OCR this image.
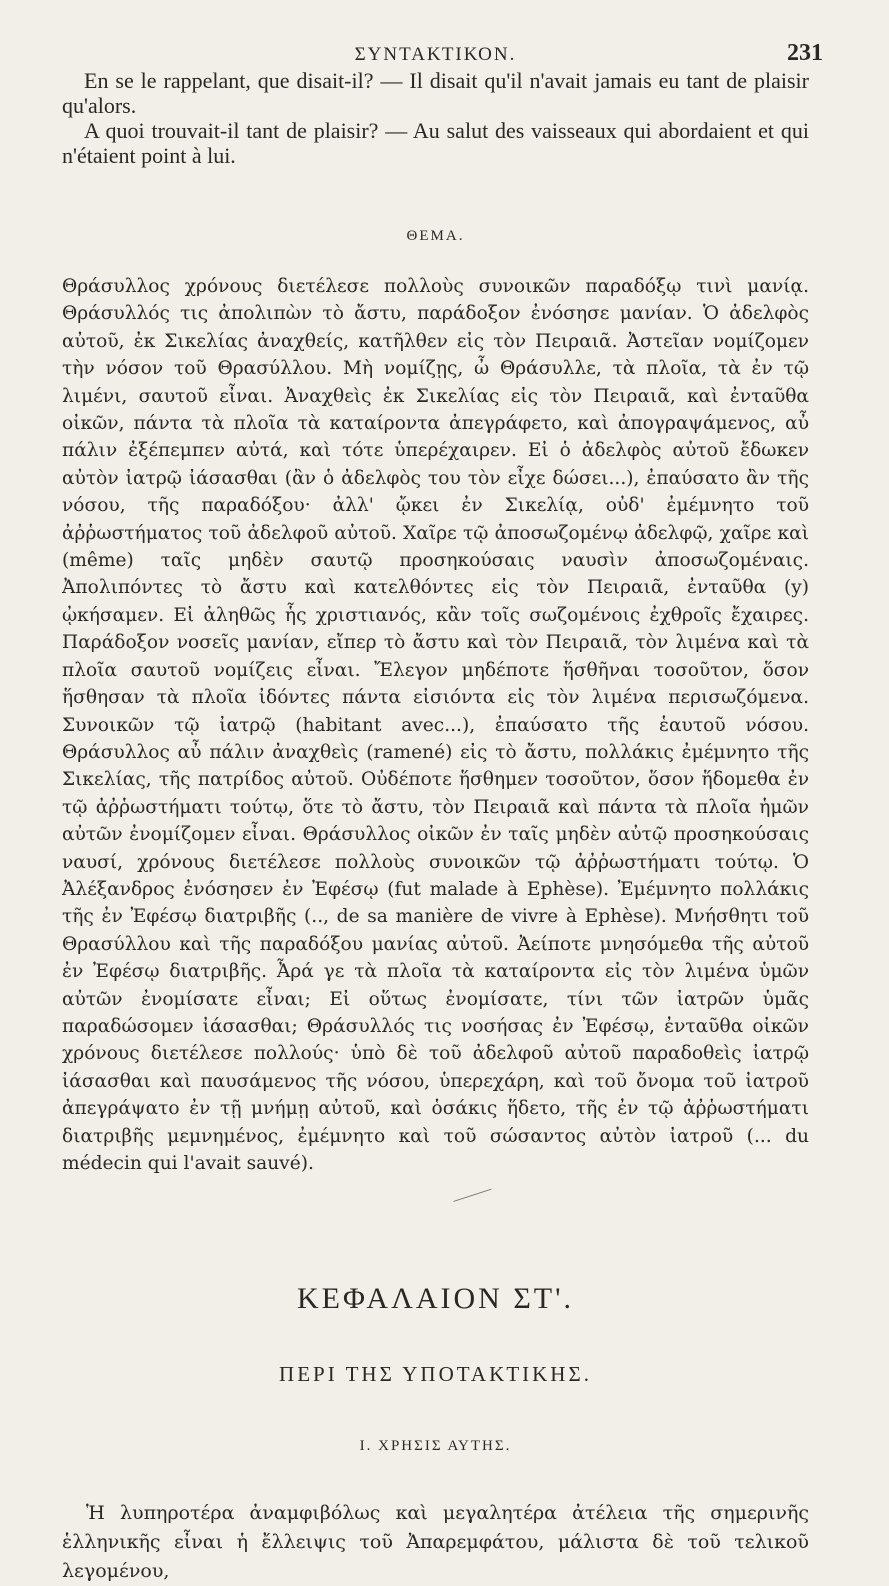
ΣΥΝΤΑΚΤΙΚΟΝ.	231

En se le rappelant, que disait-il? — Il disait qu'il n'avait jamais eu tant de plaisir qu'alors.

A quoi trouvait-il tant de plaisir? — Au salut des vaisseaux qui abordaient et qui n'étaient point à lui.

ΘΕΜΑ.

Θράσυλλος χρόνους διετέλεσε πολλοὺς συνοικῶν παραδόξῳ τινὶ μανίᾳ. Θράσυλλός τις ἀπολιπὼν τὸ ἄστυ, παράδοξον ἐνόσησε μανίαν. Ὁ ἀδελφὸς αὐτοῦ, ἐκ Σικελίας ἀναχθείς, κατῆλθεν εἰς τὸν Πειραιᾶ. Ἀστεῖαν νομίζομεν τὴν νόσον τοῦ Θρασύλλου. Μὴ νομίζῃς, ὦ Θράσυλλε, τὰ πλοῖα, τὰ ἐν τῷ λιμένι, σαυτοῦ εἶναι. Ἀναχθεὶς ἐκ Σικελίας εἰς τὸν Πειραιᾶ, καὶ ἐνταῦθα οἰκῶν, πάντα τὰ πλοῖα τὰ καταίροντα ἀπεγράφετο, καὶ ἀπογραψάμενος, αὖ πάλιν ἐξέπεμπεν αὐτά, καὶ τότε ὑπερέχαιρεν. Εἰ ὁ ἀδελφὸς αὐτοῦ ἔδωκεν αὐτὸν ἰατρῷ ἰάσασθαι (ἂν ὁ ἀδελφὸς του τὸν εἶχε δώσει...), ἐπαύσατο ἂν τῆς νόσου, τῆς παραδόξου· ἀλλ' ᾤκει ἐν Σικελίᾳ, οὐδ' ἐμέμνητο τοῦ ἀῤῥωστήματος τοῦ ἀδελφοῦ αὐτοῦ. Χαῖρε τῷ ἀποσωζομένῳ ἀδελφῷ, χαῖρε καὶ (même) ταῖς μηδὲν σαυτῷ προσηκούσαις ναυσὶν ἀποσωζομέναις. Ἀπολιπόντες τὸ ἄστυ καὶ κατελθόντες εἰς τὸν Πειραιᾶ, ἐνταῦθα (y) ᾠκήσαμεν. Εἰ ἀληθῶς ἧς χριστιανός, κἂν τοῖς σωζομένοις ἐχθροῖς ἔχαιρες. Παράδοξον νοσεῖς μανίαν, εἴπερ τὸ ἄστυ καὶ τὸν Πειραιᾶ, τὸν λιμένα καὶ τὰ πλοῖα σαυτοῦ νομίζεις εἶναι. Ἔλεγον μηδέποτε ἥσθῆναι τοσοῦτον, ὅσον ἥσθησαν τὰ πλοῖα ἰδόντες πάντα εἰσιόντα εἰς τὸν λιμένα περισωζόμενα. Συνοικῶν τῷ ἰατρῷ (habitant avec...), ἐπαύσατο τῆς ἑαυτοῦ νόσου. Θράσυλλος αὖ πάλιν ἀναχθεὶς (ramené) εἰς τὸ ἄστυ, πολλάκις ἐμέμνητο τῆς Σικελίας, τῆς πατρίδος αὐτοῦ. Οὐδέποτε ἥσθημεν τοσοῦτον, ὅσον ἥδομεθα ἐν τῷ ἀῤῥωστήματι τούτῳ, ὅτε τὸ ἄστυ, τὸν Πειραιᾶ καὶ πάντα τὰ πλοῖα ἡμῶν αὐτῶν ἐνομίζομεν εἶναι. Θράσυλλος οἰκῶν ἐν ταῖς μηδὲν αὐτῷ προσηκούσαις ναυσί, χρόνους διετέλεσε πολλοὺς συνοικῶν τῷ ἀῤῥωστήματι τούτῳ. Ὁ Ἀλέξανδρος ἐνόσησεν ἐν Ἐφέσῳ (fut malade à Ephèse). Ἐμέμνητο πολλάκις τῆς ἐν Ἐφέσῳ διατριβῆς (.., de sa manière de vivre à Ephèse). Μνήσθητι τοῦ Θρασύλλου καὶ τῆς παραδόξου μανίας αὐτοῦ. Ἀείποτε μνησόμεθα τῆς αὐτοῦ ἐν Ἐφέσῳ διατριβῆς. Ἆρά γε τὰ πλοῖα τὰ καταίροντα εἰς τὸν λιμένα ὑμῶν αὐτῶν ἐνομίσατε εἶναι; Εἰ οὕτως ἐνομίσατε, τίνι τῶν ἰατρῶν ὑμᾶς παραδώσομεν ἰάσασθαι; Θράσυλλός τις νοσήσας ἐν Ἐφέσῳ, ἐνταῦθα οἰκῶν χρόνους διετέλεσε πολλούς· ὑπὸ δὲ τοῦ ἀδελφοῦ αὐτοῦ παραδοθεὶς ἰατρῷ ἰάσασθαι καὶ παυσάμενος τῆς νόσου, ὑπερεχάρη, καὶ τοῦ ὄνομα τοῦ ἰατροῦ ἀπεγράψατο ἐν τῇ μνήμῃ αὐτοῦ, καὶ ὁσάκις ἥδετο, τῆς ἐν τῷ ἀῤῥωστήματι διατριβῆς μεμνημένος, ἐμέμνητο καὶ τοῦ σώσαντος αὐτὸν ἰατροῦ (... du médecin qui l'avait sauvé).

ΚΕΦΑΛΑΙΟΝ ΣΤ'.
ΠΕΡΙ ΤΗΣ ΥΠΟΤΑΚΤΙΚΗΣ.
I. ΧΡΗΣΙΣ ΑΥΤΗΣ.

Ἡ λυπηροτέρα ἀναμφιβόλως καὶ μεγαλητέρα ἀτέλεια τῆς σημερινῆς ἑλληνικῆς εἶναι ἡ ἔλλειψις τοῦ Ἀπαρεμφάτου, μάλιστα δὲ τοῦ τελικοῦ λεγομένου,
